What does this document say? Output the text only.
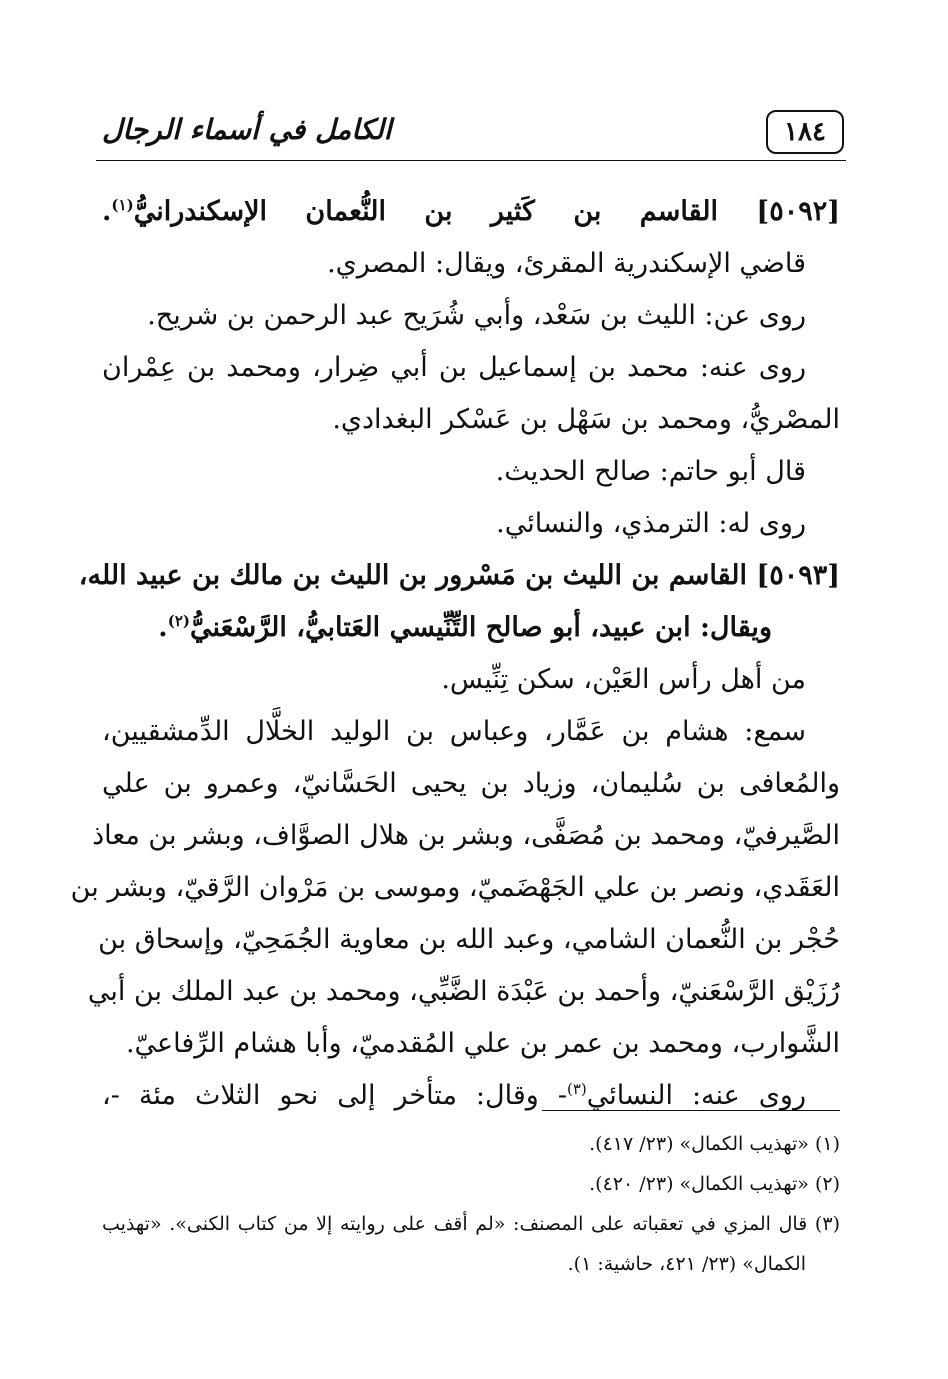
١٨٤
الكامل في أسماء الرجال
[٥٠٩٢] القاسم بن كَثير بن النُّعمان الإسكندرانيُّ$^{(١)}$.
قاضي الإسكندرية المقرئ، ويقال: المصري.
روى عن: الليث بن سَعْد، وأبي شُرَيح عبد الرحمن بن شريح.
روى عنه: محمد بن إسماعيل بن أبي ضِرار، ومحمد بن عِمْران
المصْريُّ، ومحمد بن سَهْل بن عَسْكر البغدادي.
قال أبو حاتم: صالح الحديث.
روى له: الترمذي، والنسائي.
[٥٠٩٣] القاسم بن الليث بن مَسْرور بن الليث بن مالك بن عبيد الله،
ويقال: ابن عبيد، أبو صالح التِّنِّيسي العَتابيُّ، الرَّسْعَنيُّ$^{(٢)}$.
من أهل رأس العَيْن، سكن تِنِّيس.
سمع: هشام بن عَمَّار، وعباس بن الوليد الخلَّال الدِّمشقيين،
والمُعافى بن سُليمان، وزياد بن يحيى الحَسَّانيّ، وعمرو بن علي
الصَّيرفيّ، ومحمد بن مُصَفَّى، وبشر بن هلال الصوَّاف، وبشر بن معاذ
العَقَدي، ونصر بن علي الجَهْضَميّ، وموسى بن مَرْوان الرَّقيّ، وبشر بن
حُجْر بن النُّعمان الشامي، وعبد الله بن معاوية الجُمَحِيّ، وإسحاق بن
رُزَيْق الرَّسْعَنيّ، وأحمد بن عَبْدَة الضَّبِّي، ومحمد بن عبد الملك بن أبي
الشَّوارب، ومحمد بن عمر بن علي المُقدميّ، وأبا هشام الرِّفاعيّ.
روى عنه: النسائي$^{(٣)}$- وقال: متأخر إلى نحو الثلاث مئة -،
(١) «تهذيب الكمال» (٢٣/ ٤١٧).
(٢) «تهذيب الكمال» (٢٣/ ٤٢٠).
(٣) قال المزي في تعقباته على المصنف: «لم أقف على روايته إلا من كتاب الكنى». «تهذيب
الكمال» (٢٣/ ٤٢١، حاشية: ١).
